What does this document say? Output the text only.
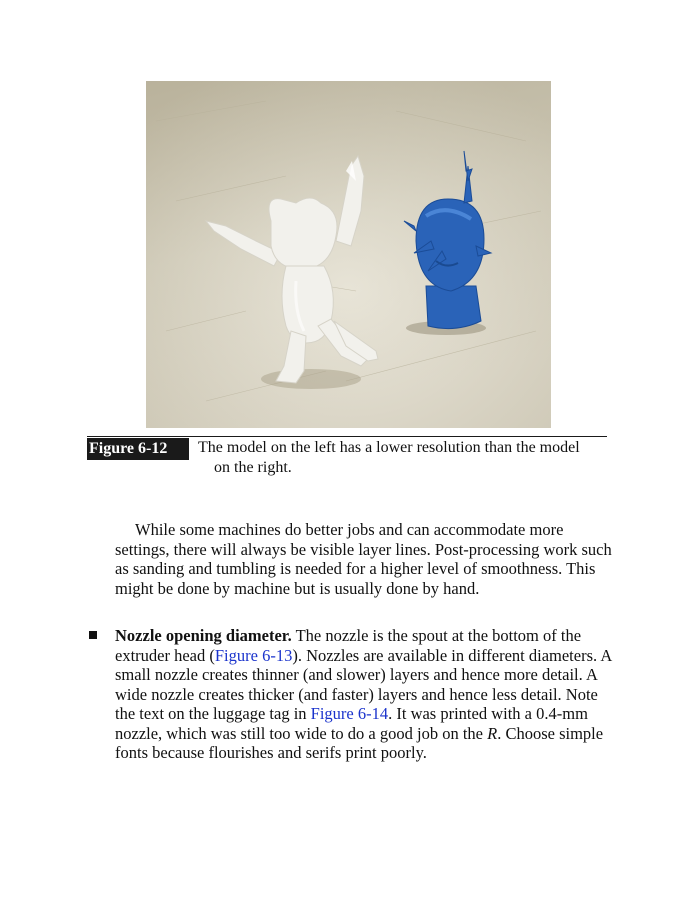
Figure 6-12	The model on the left has a lower resolution than the model
on the right.
While some machines do better jobs and can accommodate more settings, there will always be visible layer lines. Post-processing work such as sanding and tumbling is needed for a higher level of smoothness. This might be done by machine but is usually done by hand.
Nozzle opening diameter. The nozzle is the spout at the bottom of the extruder head (Figure 6-13). Nozzles are available in different diameters. A small nozzle creates thinner (and slower) layers and hence more detail. A wide nozzle creates thicker (and faster) layers and hence less detail. Note the text on the luggage tag in Figure 6-14. It was printed with a 0.4-mm nozzle, which was still too wide to do a good job on the R. Choose simple fonts because flourishes and serifs print poorly.
